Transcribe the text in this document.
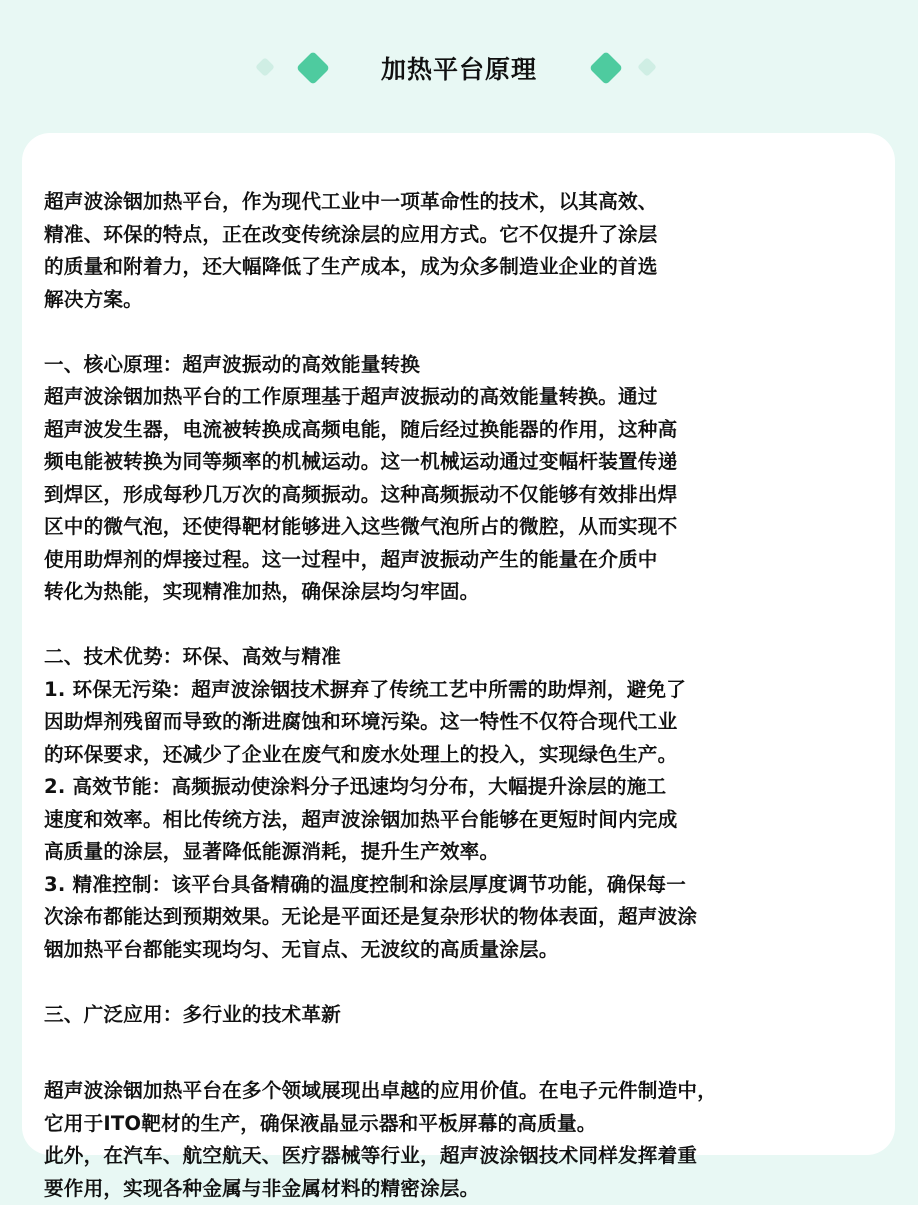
加热平台原理
超声波涂铟加热平台，作为现代工业中一项革命性的技术，以其高效、
精准、环保的特点，正在改变传统涂层的应用方式。它不仅提升了涂层
的质量和附着力，还大幅降低了生产成本，成为众多制造业企业的首选
解决方案。
一、核心原理：超声波振动的高效能量转换
超声波涂铟加热平台的工作原理基于超声波振动的高效能量转换。通过
超声波发生器，电流被转换成高频电能，随后经过换能器的作用，这种高
频电能被转换为同等频率的机械运动。这一机械运动通过变幅杆装置传递
到焊区，形成每秒几万次的高频振动。这种高频振动不仅能够有效排出焊
区中的微气泡，还使得靶材能够进入这些微气泡所占的微腔，从而实现不
使用助焊剂的焊接过程。这一过程中，超声波振动产生的能量在介质中
转化为热能，实现精准加热，确保涂层均匀牢固。
二、技术优势：环保、高效与精准
1. 环保无污染：超声波涂铟技术摒弃了传统工艺中所需的助焊剂，避免了
因助焊剂残留而导致的渐进腐蚀和环境污染。这一特性不仅符合现代工业
的环保要求，还减少了企业在废气和废水处理上的投入，实现绿色生产。
2. 高效节能：高频振动使涂料分子迅速均匀分布，大幅提升涂层的施工
速度和效率。相比传统方法，超声波涂铟加热平台能够在更短时间内完成
高质量的涂层，显著降低能源消耗，提升生产效率。
3. 精准控制：该平台具备精确的温度控制和涂层厚度调节功能，确保每一
次涂布都能达到预期效果。无论是平面还是复杂形状的物体表面，超声波涂
铟加热平台都能实现均匀、无盲点、无波纹的高质量涂层。
三、广泛应用：多行业的技术革新
超声波涂铟加热平台在多个领域展现出卓越的应用价值。在电子元件制造中，
它用于ITO靶材的生产，确保液晶显示器和平板屏幕的高质量。
此外，在汽车、航空航天、医疗器械等行业，超声波涂铟技术同样发挥着重
要作用，实现各种金属与非金属材料的精密涂层。
